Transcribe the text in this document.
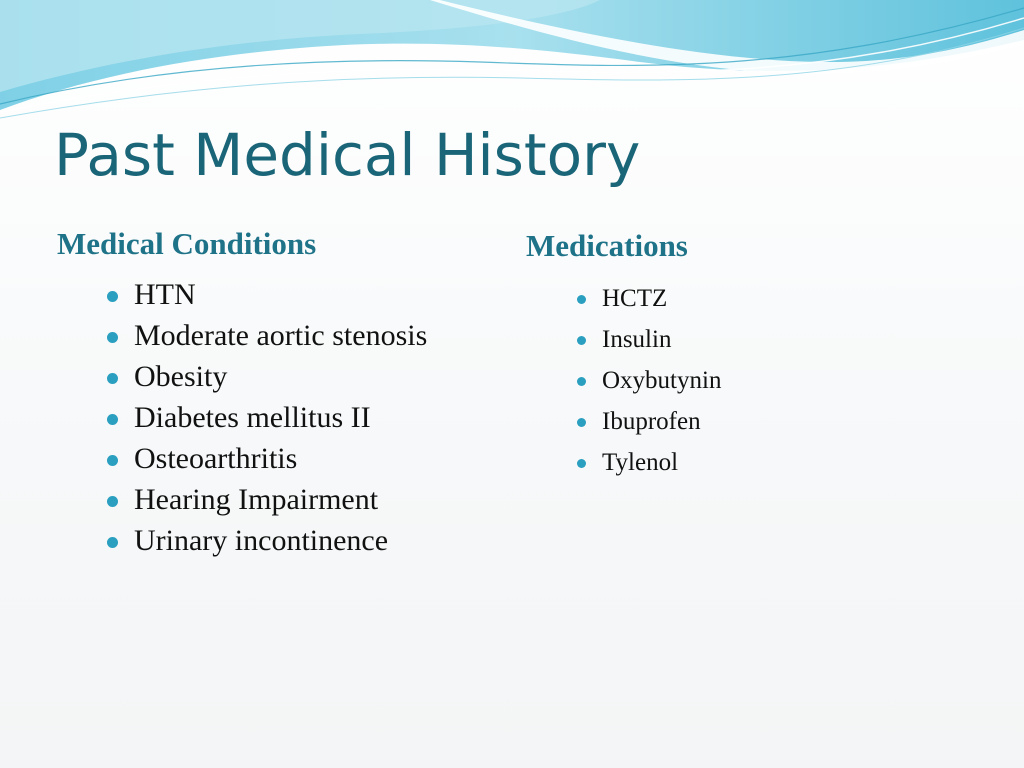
Past Medical History
Medical Conditions	Medications
HTN
Moderate aortic stenosis
Obesity
Diabetes mellitus II
Osteoarthritis
Hearing Impairment
Urinary incontinence
HCTZ
Insulin
Oxybutynin
Ibuprofen
Tylenol
